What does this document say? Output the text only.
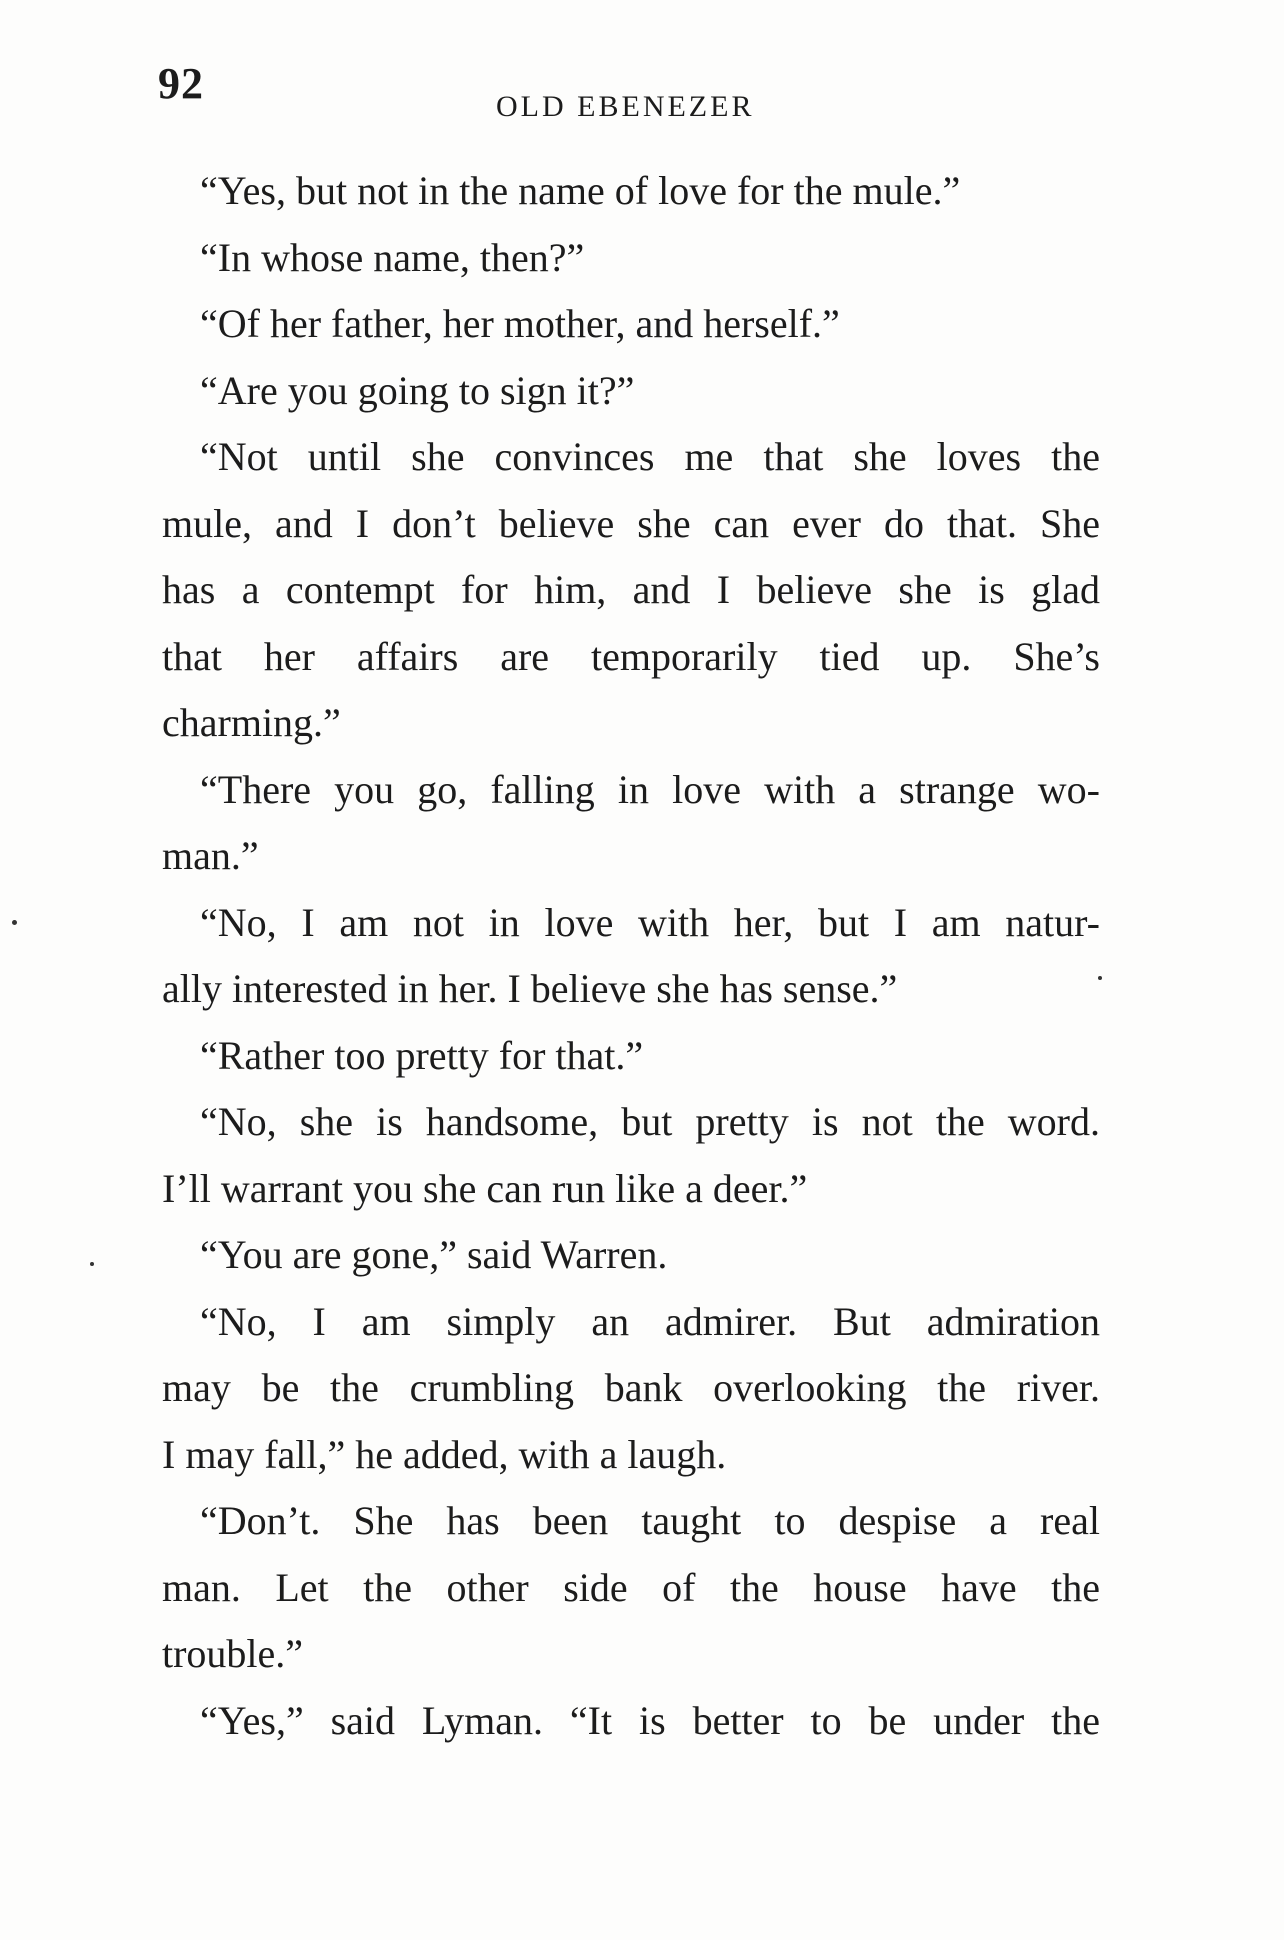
92	OLD EBENEZER
“Yes, but not in the name of love for the mule.”
“In whose name, then?”
“Of her father, her mother, and herself.”
“Are you going to sign it?”
“Not until she convinces me that she loves the
mule, and I don’t believe she can ever do that. She
has a contempt for him, and I believe she is glad
that her affairs are temporarily tied up. She’s
charming.”
“There you go, falling in love with a strange wo-
man.”
“No, I am not in love with her, but I am natur-
ally interested in her. I believe she has sense.”
“Rather too pretty for that.”
“No, she is handsome, but pretty is not the word.
I’ll warrant you she can run like a deer.”
“You are gone,” said Warren.
“No, I am simply an admirer. But admiration
may be the crumbling bank overlooking the river.
I may fall,” he added, with a laugh.
“Don’t. She has been taught to despise a real
man. Let the other side of the house have the
trouble.”
“Yes,” said Lyman. “It is better to be under the
